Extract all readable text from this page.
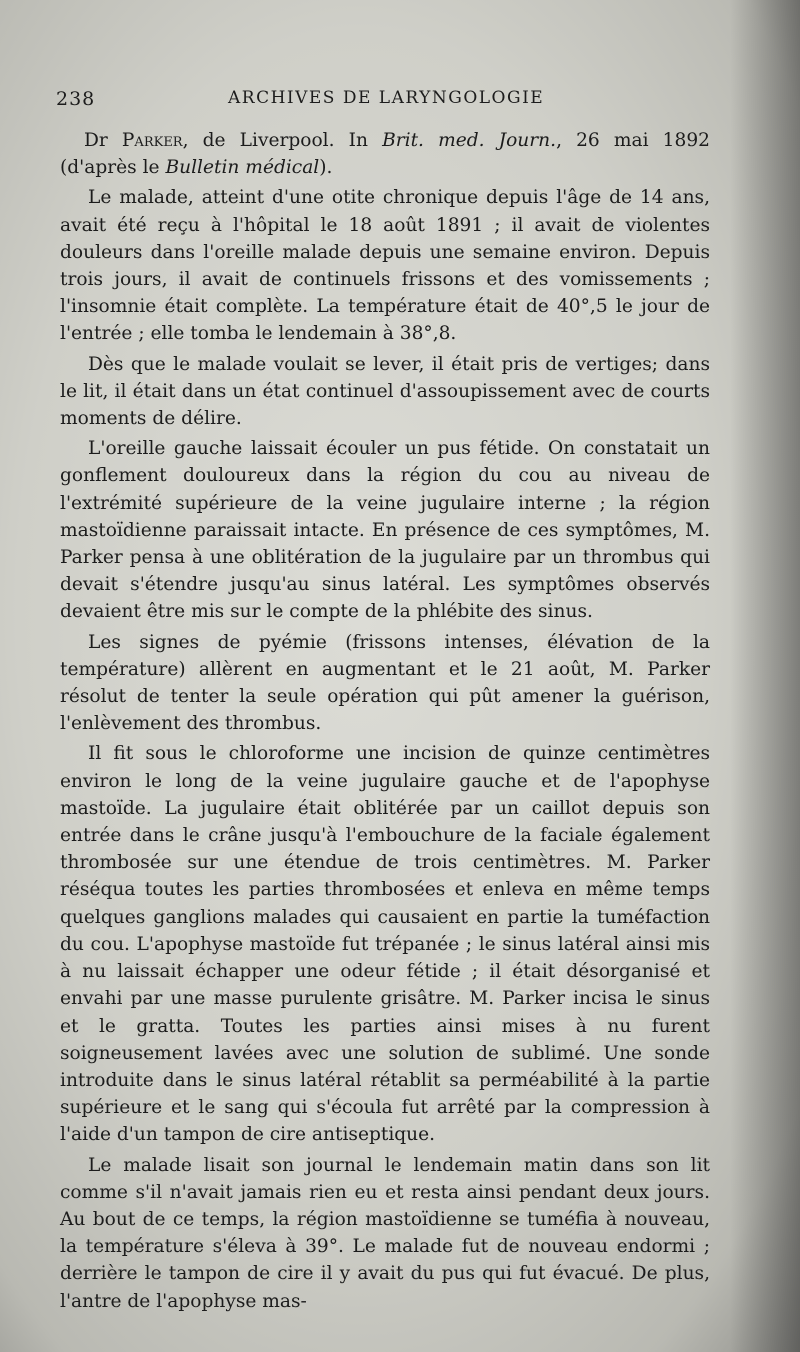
238	ARCHIVES DE LARYNGOLOGIE

Dr Parker, de Liverpool. In Brit. med. Journ., 26 mai 1892 (d'après le Bulletin médical).

Le malade, atteint d'une otite chronique depuis l'âge de 14 ans, avait été reçu à l'hôpital le 18 août 1891 ; il avait de violentes douleurs dans l'oreille malade depuis une semaine environ. Depuis trois jours, il avait de continuels frissons et des vomissements ; l'insomnie était complète. La température était de 40°,5 le jour de l'entrée ; elle tomba le lendemain à 38°,8.

Dès que le malade voulait se lever, il était pris de vertiges; dans le lit, il était dans un état continuel d'assoupissement avec de courts moments de délire.

L'oreille gauche laissait écouler un pus fétide. On constatait un gonflement douloureux dans la région du cou au niveau de l'extrémité supérieure de la veine jugulaire interne ; la région mastoïdienne paraissait intacte. En présence de ces symptômes, M. Parker pensa à une oblitération de la jugulaire par un thrombus qui devait s'étendre jusqu'au sinus latéral. Les symptômes observés devaient être mis sur le compte de la phlébite des sinus.

Les signes de pyémie (frissons intenses, élévation de la température) allèrent en augmentant et le 21 août, M. Parker résolut de tenter la seule opération qui pût amener la guérison, l'enlèvement des thrombus.

Il fit sous le chloroforme une incision de quinze centimètres environ le long de la veine jugulaire gauche et de l'apophyse mastoïde. La jugulaire était oblitérée par un caillot depuis son entrée dans le crâne jusqu'à l'embouchure de la faciale également thrombosée sur une étendue de trois centimètres. M. Parker réséqua toutes les parties thrombosées et enleva en même temps quelques ganglions malades qui causaient en partie la tuméfaction du cou. L'apophyse mastoïde fut trépanée ; le sinus latéral ainsi mis à nu laissait échapper une odeur fétide ; il était désorganisé et envahi par une masse purulente grisâtre. M. Parker incisa le sinus et le gratta. Toutes les parties ainsi mises à nu furent soigneusement lavées avec une solution de sublimé. Une sonde introduite dans le sinus latéral rétablit sa perméabilité à la partie supérieure et le sang qui s'écoula fut arrêté par la compression à l'aide d'un tampon de cire antiseptique.

Le malade lisait son journal le lendemain matin dans son lit comme s'il n'avait jamais rien eu et resta ainsi pendant deux jours. Au bout de ce temps, la région mastoïdienne se tuméfia à nouveau, la température s'éleva à 39°. Le malade fut de nouveau endormi ; derrière le tampon de cire il y avait du pus qui fut évacué. De plus, l'antre de l'apophyse mas-
